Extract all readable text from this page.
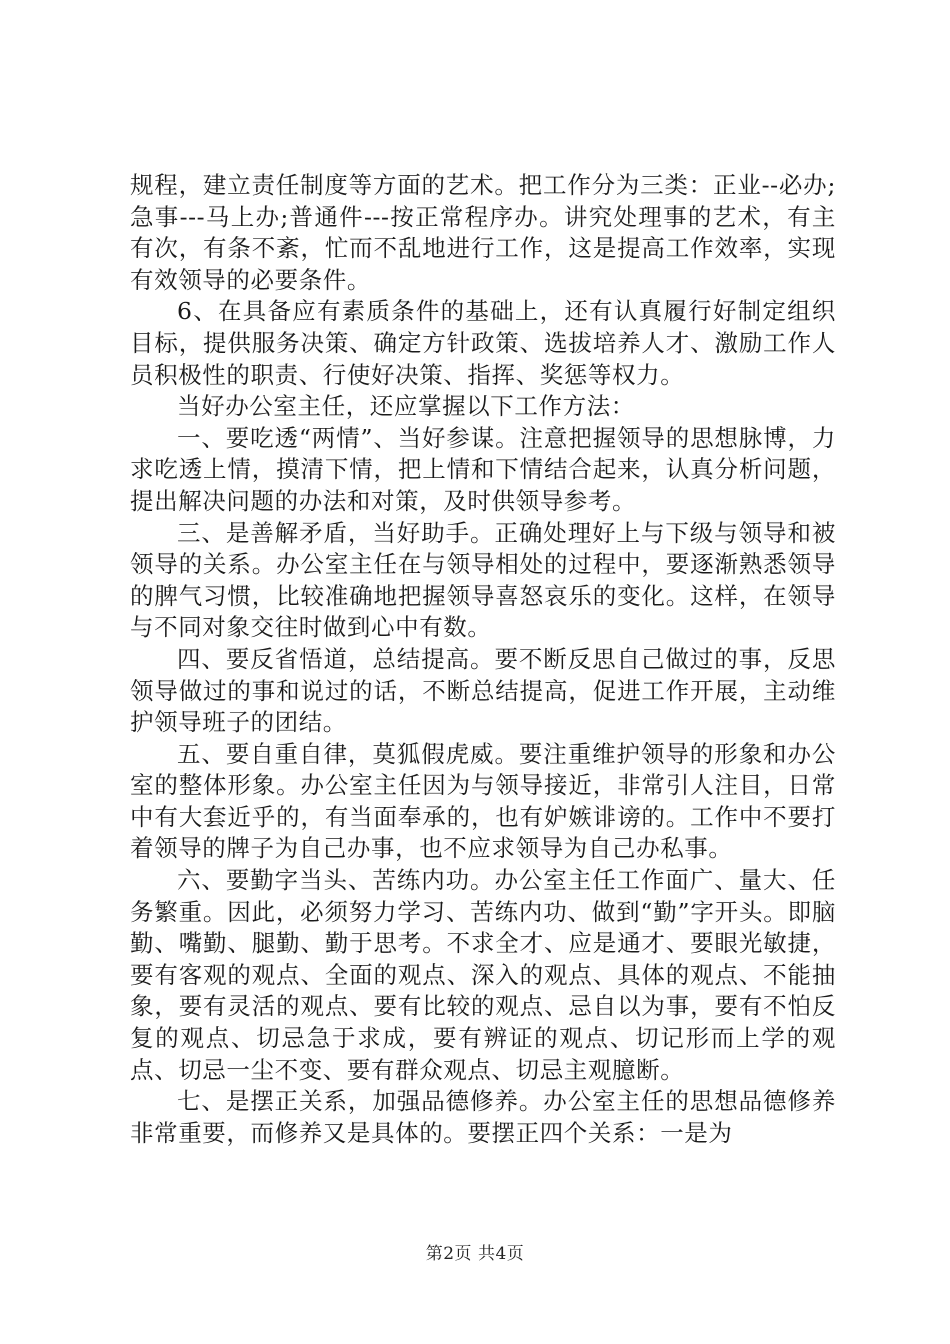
规程，建立责任制度等方面的艺术。把工作分为三类：正业--必办;急事---马上办;普通件---按正常程序办。讲究处理事的艺术，有主有次，有条不紊，忙而不乱地进行工作，这是提高工作效率，实现有效领导的必要条件。

6、在具备应有素质条件的基础上，还有认真履行好制定组织目标，提供服务决策、确定方针政策、选拔培养人才、激励工作人员积极性的职责、行使好决策、指挥、奖惩等权力。

当好办公室主任，还应掌握以下工作方法：

一、要吃透“两情”、当好参谋。注意把握领导的思想脉博，力求吃透上情，摸清下情，把上情和下情结合起来，认真分析问题，提出解决问题的办法和对策，及时供领导参考。

三、是善解矛盾，当好助手。正确处理好上与下级与领导和被领导的关系。办公室主任在与领导相处的过程中，要逐渐熟悉领导的脾气习惯，比较准确地把握领导喜怒哀乐的变化。这样，在领导与不同对象交往时做到心中有数。

四、要反省悟道，总结提高。要不断反思自己做过的事，反思领导做过的事和说过的话，不断总结提高，促进工作开展，主动维护领导班子的团结。

五、要自重自律，莫狐假虎威。要注重维护领导的形象和办公室的整体形象。办公室主任因为与领导接近，非常引人注目，日常中有大套近乎的，有当面奉承的，也有妒嫉诽谤的。工作中不要打着领导的牌子为自己办事，也不应求领导为自己办私事。

六、要勤字当头、苦练内功。办公室主任工作面广、量大、任务繁重。因此，必须努力学习、苦练内功、做到“勤”字开头。即脑勤、嘴勤、腿勤、勤于思考。不求全才、应是通才、要眼光敏捷，要有客观的观点、全面的观点、深入的观点、具体的观点、不能抽象，要有灵活的观点、要有比较的观点、忌自以为事，要有不怕反复的观点、切忌急于求成，要有辨证的观点、切记形而上学的观点、切忌一尘不变、要有群众观点、切忌主观臆断。

七、是摆正关系，加强品德修养。办公室主任的思想品德修养非常重要，而修养又是具体的。要摆正四个关系：一是为

第2页 共4页
